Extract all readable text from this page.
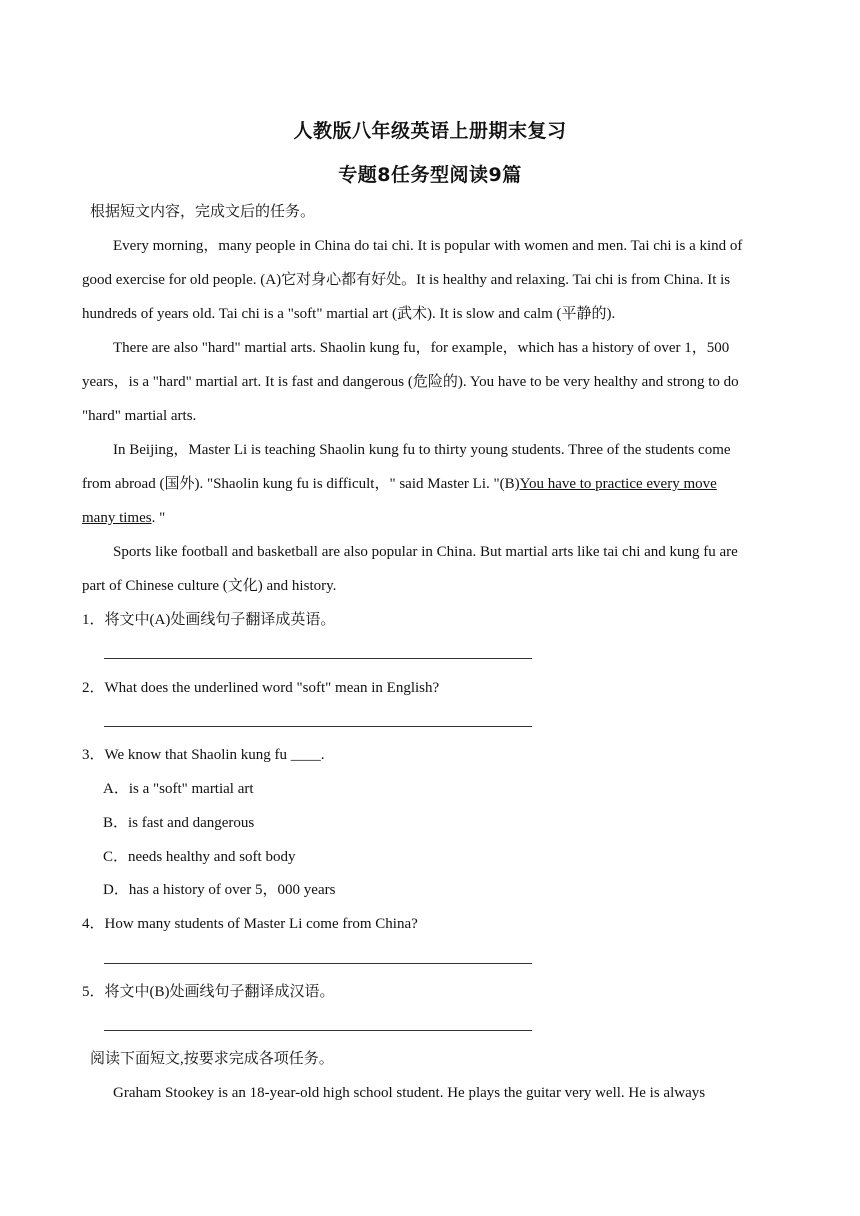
人教版八年级英语上册期末复习
专题8任务型阅读9篇
根据短文内容，完成文后的任务。
Every morning，many people in China do tai chi. It is popular with women and men. Tai chi is a kind of
good exercise for old people. (A)它对身心都有好处。It is healthy and relaxing. Tai chi is from China. It is
hundreds of years old. Tai chi is a "soft" martial art (武术). It is slow and calm (平静的).
There are also "hard" martial arts. Shaolin kung fu，for example，which has a history of over 1，500
years，is a "hard" martial art. It is fast and dangerous (危险的). You have to be very healthy and strong to do
"hard" martial arts.
In Beijing，Master Li is teaching Shaolin kung fu to thirty young students. Three of the students come
from abroad (国外). "Shaolin kung fu is difficult，" said Master Li. "(B)You have to practice every move
many times. "
Sports like football and basketball are also popular in China. But martial arts like tai chi and kung fu are
part of Chinese culture (文化) and history.
1．将文中(A)处画线句子翻译成英语。
2．What does the underlined word "soft" mean in English?
3．We know that Shaolin kung fu ____.
A．is a "soft" martial art
B．is fast and dangerous
C．needs healthy and soft body
D．has a history of over 5，000 years
4．How many students of Master Li come from China?
5．将文中(B)处画线句子翻译成汉语。
阅读下面短文,按要求完成各项任务。
Graham Stookey is an 18-year-old high school student. He plays the guitar very well. He is always
